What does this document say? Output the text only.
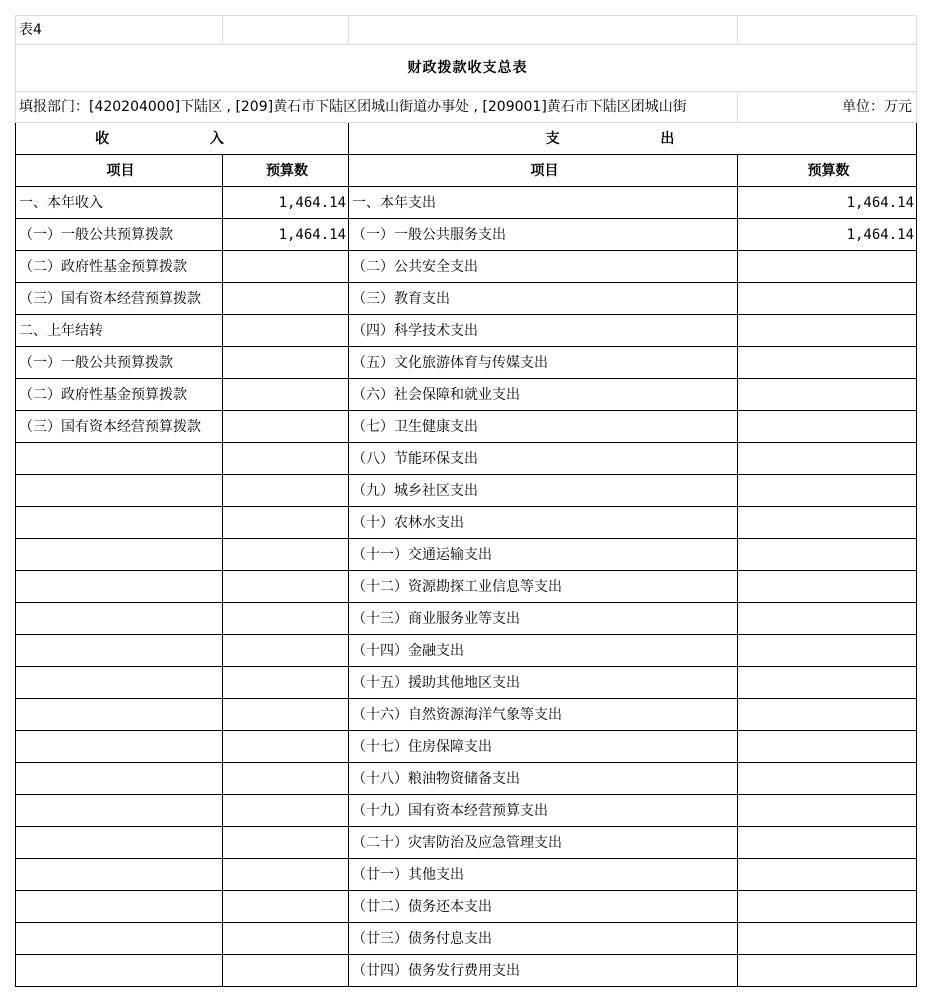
表4			
财政拨款收支总表			
填报部门：[420204000]下陆区 , [209]黄石市下陆区团城山街道办事处 , [209001]黄石市下陆区团城山街			单位：万元
收 入		支 出	
项目	预算数	项目	预算数
一、本年收入	1,464.14	一、本年支出	1,464.14
（一）一般公共预算拨款	1,464.14	（一）一般公共服务支出	1,464.14
（二）政府性基金预算拨款		（二）公共安全支出	
（三）国有资本经营预算拨款		（三）教育支出	
二、上年结转		（四）科学技术支出	
（一）一般公共预算拨款		（五）文化旅游体育与传媒支出	
（二）政府性基金预算拨款		（六）社会保障和就业支出	
（三）国有资本经营预算拨款		（七）卫生健康支出	
		（八）节能环保支出	
		（九）城乡社区支出	
		（十）农林水支出	
		（十一）交通运输支出	
		（十二）资源勘探工业信息等支出	
		（十三）商业服务业等支出	
		（十四）金融支出	
		（十五）援助其他地区支出	
		（十六）自然资源海洋气象等支出	
		（十七）住房保障支出	
		（十八）粮油物资储备支出	
		（十九）国有资本经营预算支出	
		（二十）灾害防治及应急管理支出	
		（廿一）其他支出	
		（廿二）债务还本支出	
		（廿三）债务付息支出	
		（廿四）债务发行费用支出	
